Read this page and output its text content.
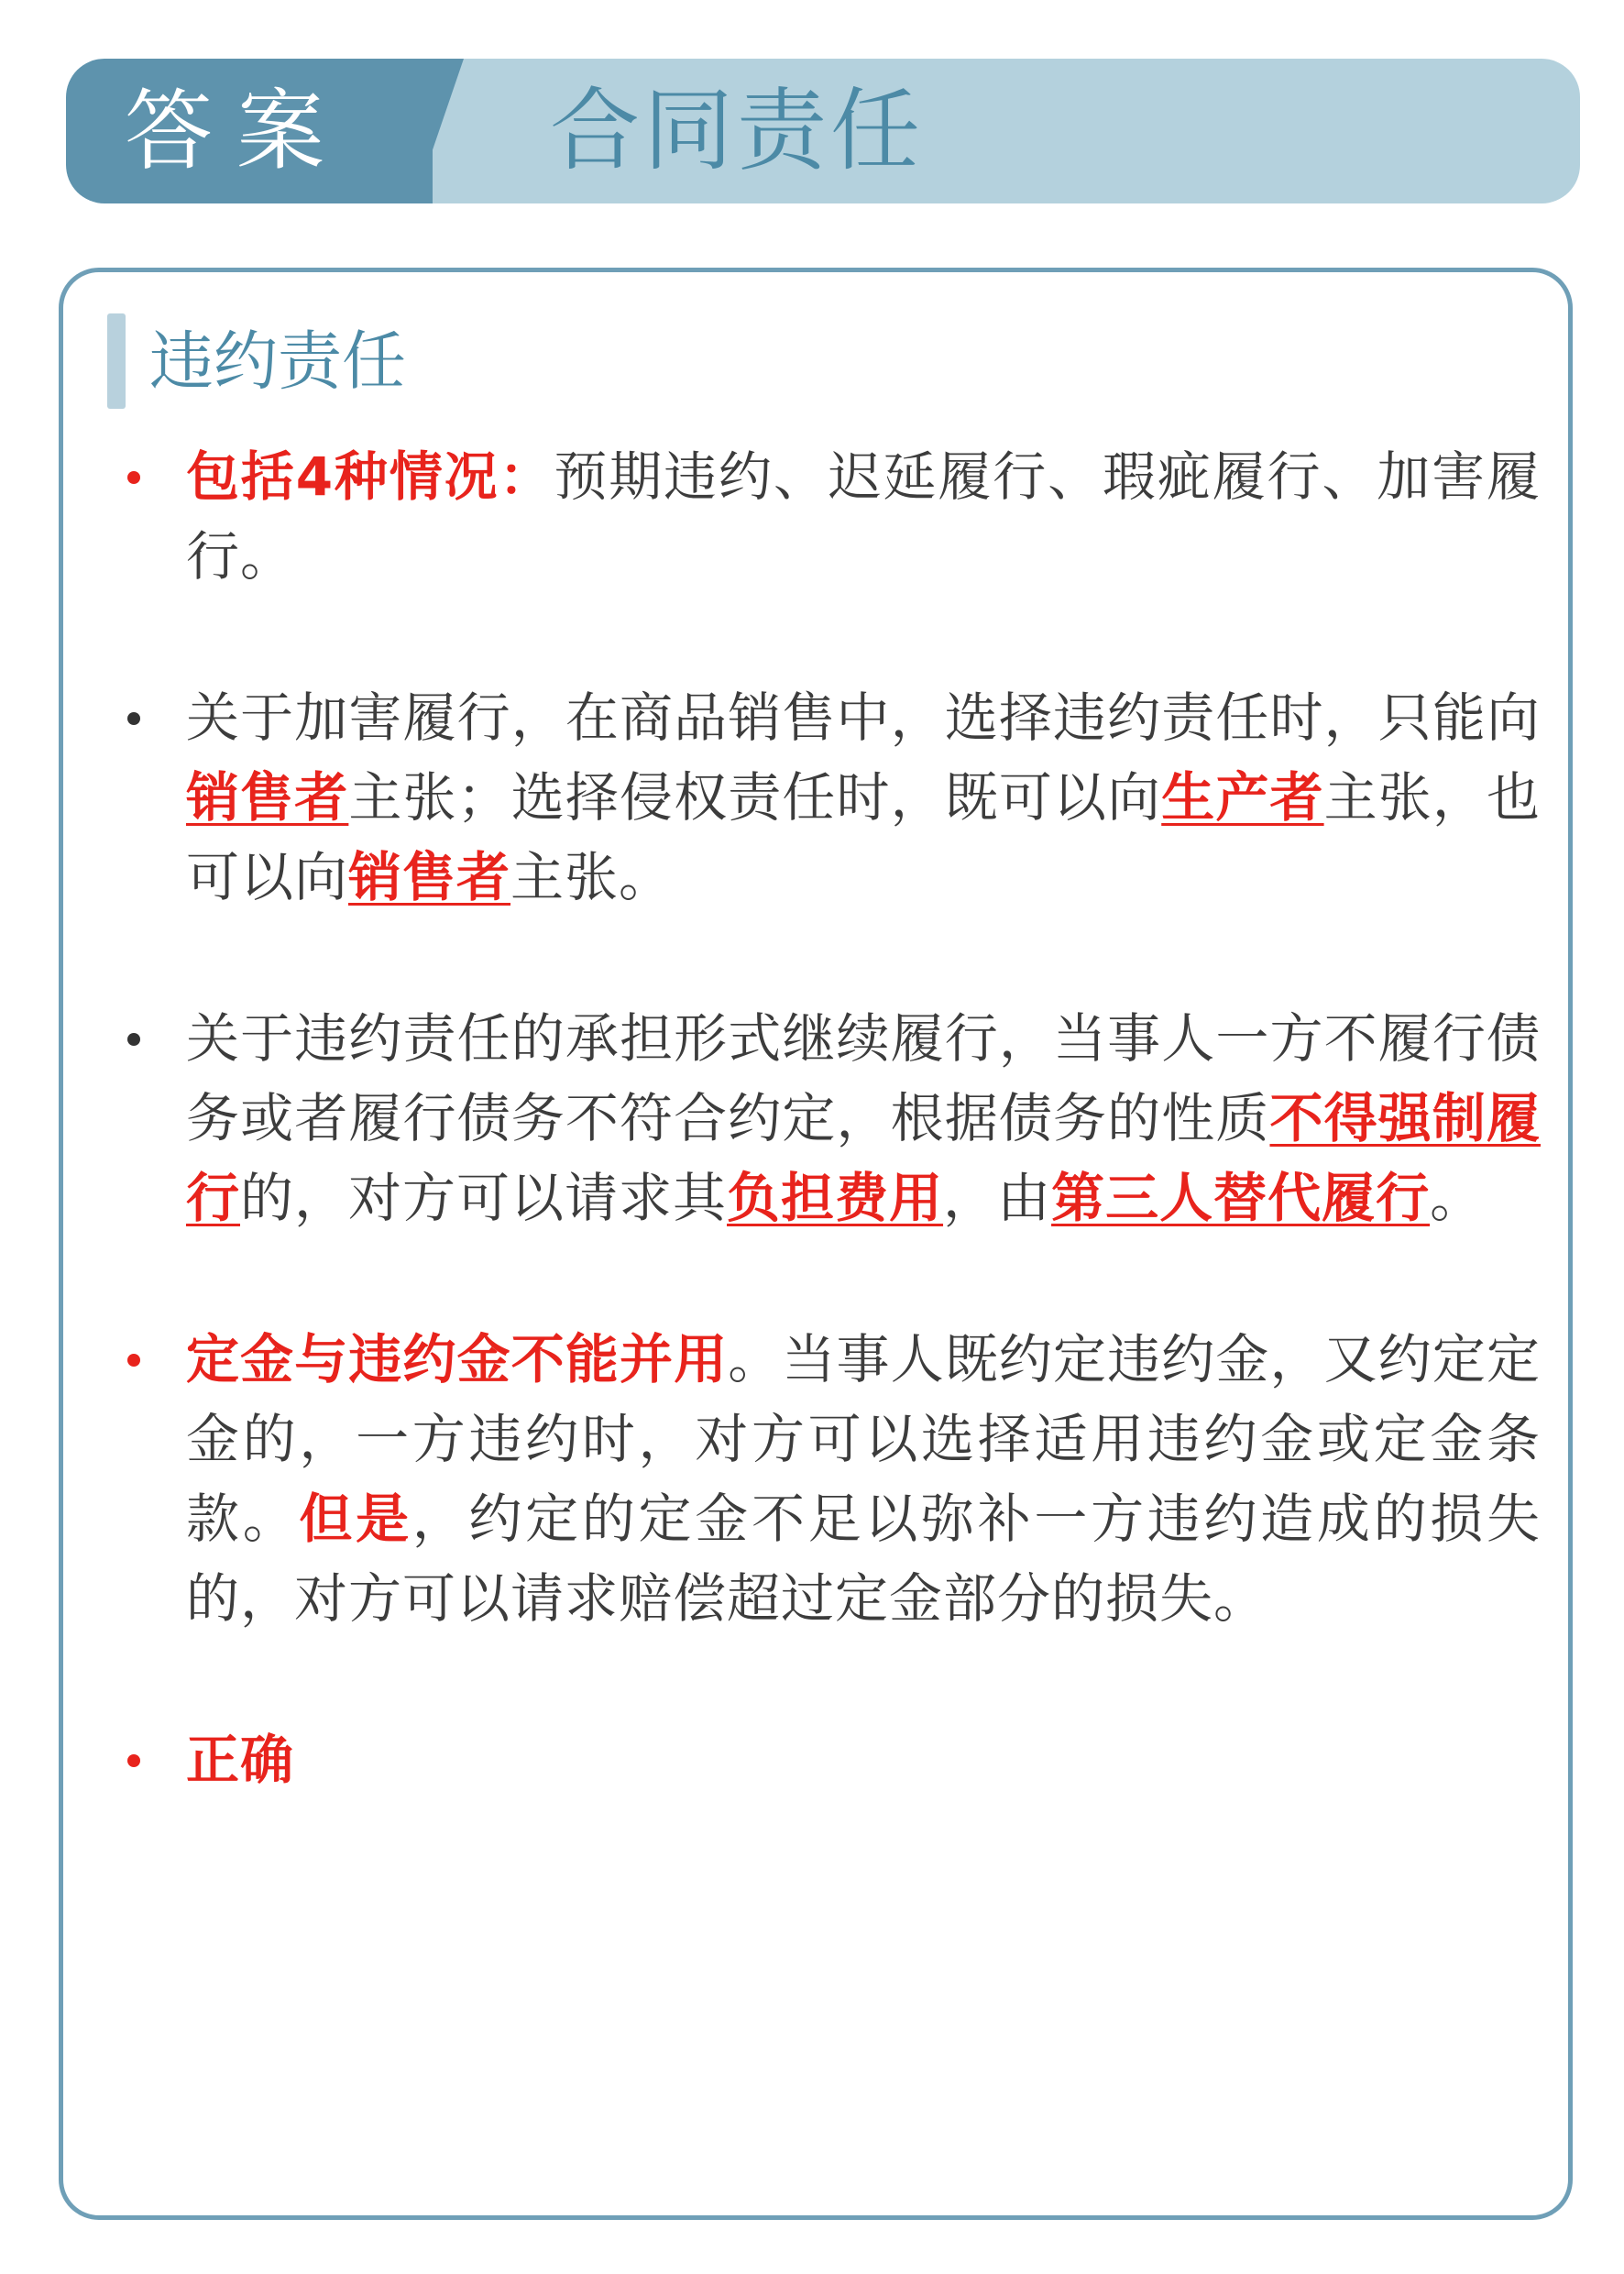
答案 合同责任
违约责任
包括4种情况：预期违约、迟延履行、瑕疵履行、加害履行。
关于加害履行，在商品销售中，选择违约责任时，只能向销售者主张；选择侵权责任时，既可以向生产者主张，也可以向销售者主张。
关于违约责任的承担形式继续履行，当事人一方不履行债务或者履行债务不符合约定，根据债务的性质不得强制履行的，对方可以请求其负担费用，由第三人替代履行。
定金与违约金不能并用。当事人既约定违约金，又约定定金的，一方违约时，对方可以选择适用违约金或定金条款。但是，约定的定金不足以弥补一方违约造成的损失的，对方可以请求赔偿超过定金部分的损失。
正确
